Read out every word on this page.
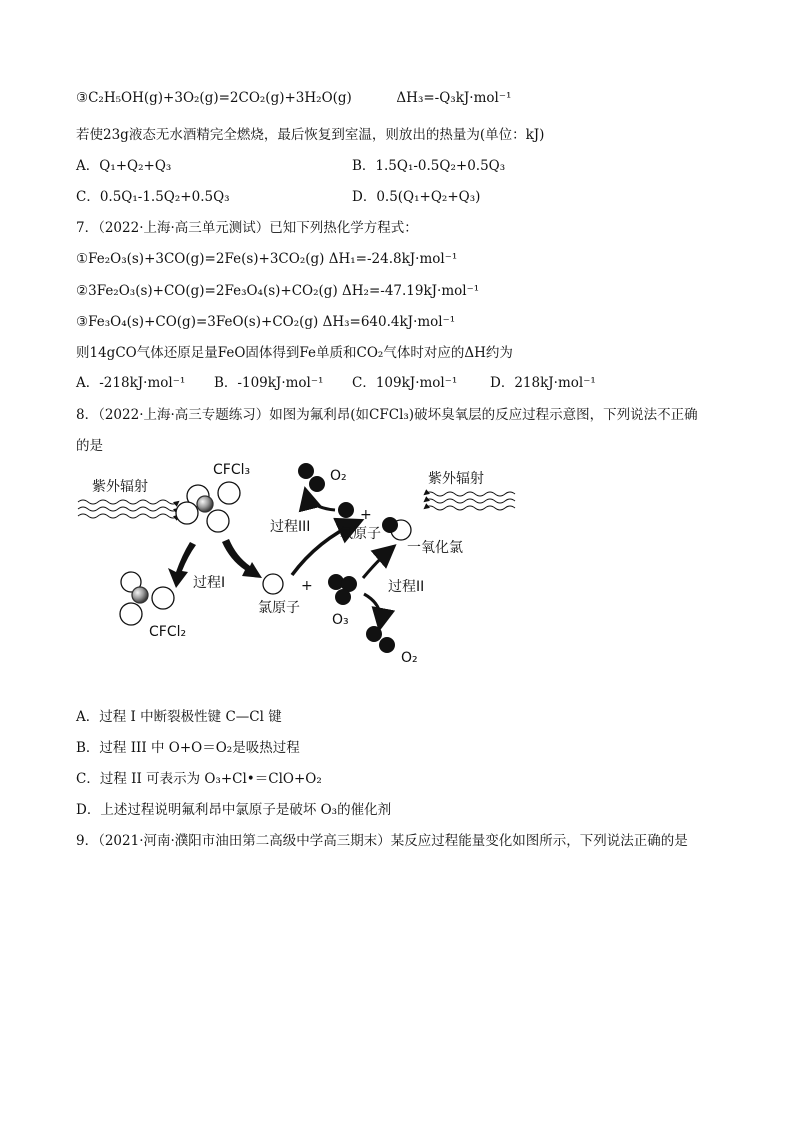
③C₂H₅OH(g)+3O₂(g)=2CO₂(g)+3H₂O(g)	ΔH₃=-Q₃kJ·mol⁻¹
若使23g液态无水酒精完全燃烧，最后恢复到室温，则放出的热量为(单位：kJ)
A．Q₁+Q₂+Q₃	B．1.5Q₁-0.5Q₂+0.5Q₃
C．0.5Q₁-1.5Q₂+0.5Q₃	D．0.5(Q₁+Q₂+Q₃)
7．（2022·上海·高三单元测试）已知下列热化学方程式：
①Fe₂O₃(s)+3CO(g)=2Fe(s)+3CO₂(g) ΔH₁=-24.8kJ·mol⁻¹
②3Fe₂O₃(s)+CO(g)=2Fe₃O₄(s)+CO₂(g) ΔH₂=-47.19kJ·mol⁻¹
③Fe₃O₄(s)+CO(g)=3FeO(s)+CO₂(g) ΔH₃=640.4kJ·mol⁻¹
则14gCO气体还原足量FeO固体得到Fe单质和CO₂气体时对应的ΔH约为
A．-218kJ·mol⁻¹ B．-109kJ·mol⁻¹ C．109kJ·mol⁻¹ D．218kJ·mol⁻¹
8．（2022·上海·高三专题练习）如图为氟利昂(如CFCl₃)破坏臭氧层的反应过程示意图，下列说法不正确
的是
紫外辐射
CFCl₃
过程I
CFCl₂
+
氯原子
O₃
过程III
+
氧原子
一氧化氯
O₂	紫外辐射
过程II
O₂
A．过程 I 中断裂极性键 C—Cl 键
B．过程 III 中 O+O＝O₂是吸热过程
C．过程 II 可表示为 O₃+Cl•＝ClO+O₂
D．上述过程说明氟利昂中氯原子是破坏 O₃的催化剂
9．（2021·河南·濮阳市油田第二高级中学高三期末）某反应过程能量变化如图所示，下列说法正确的是
